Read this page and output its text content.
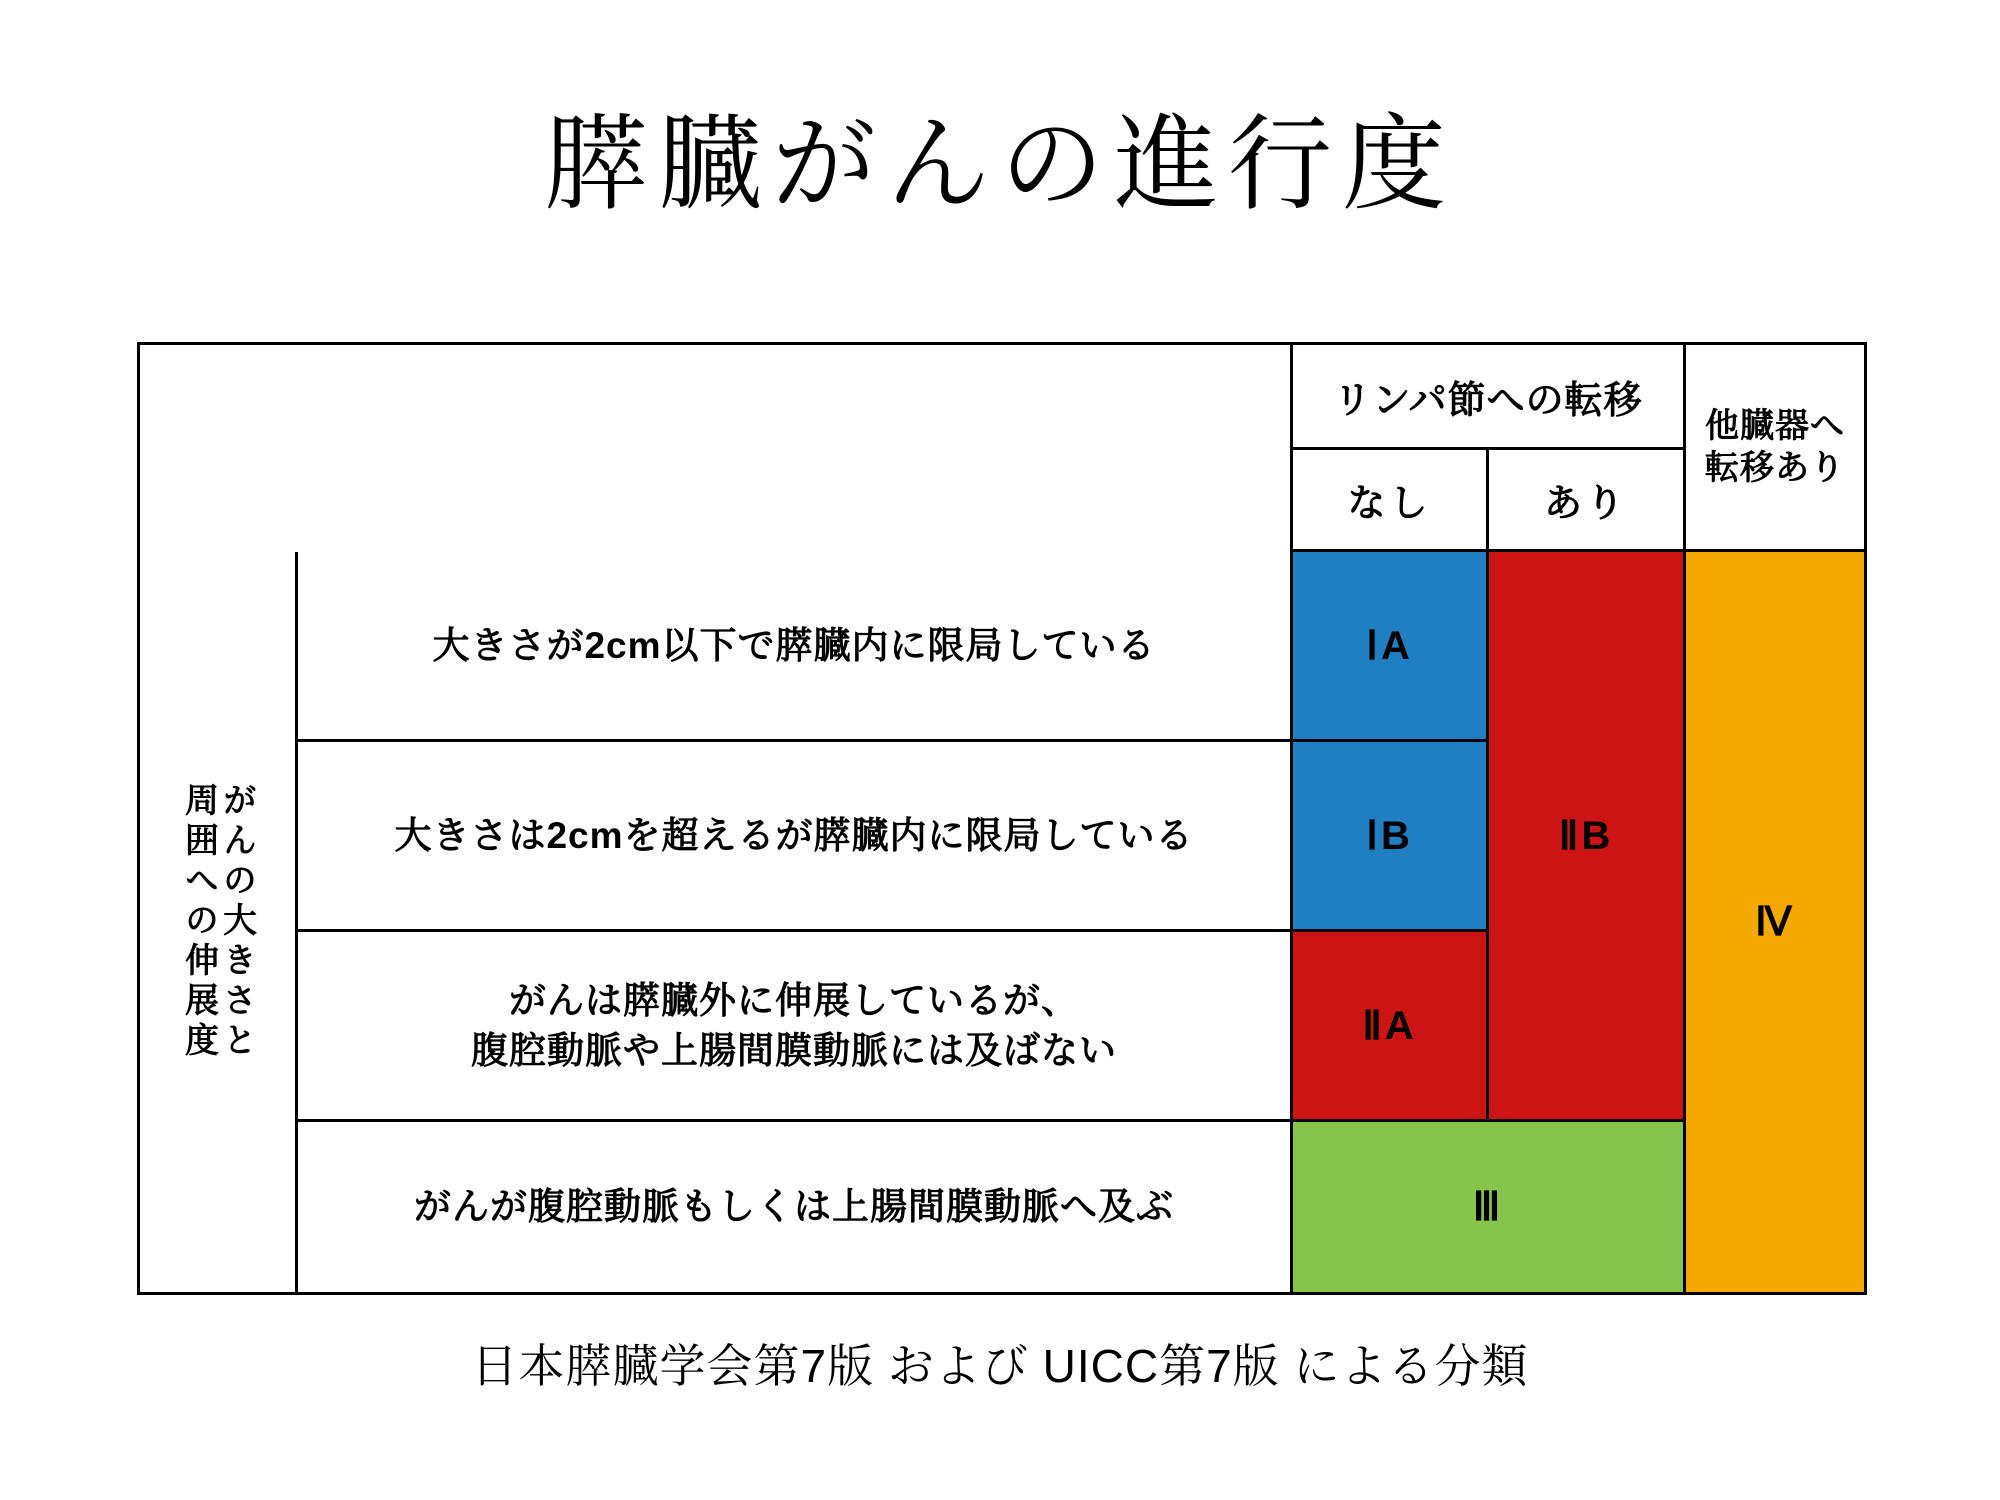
膵臓がんの進行度
リンパ節への転移
なし	あり
他臓器へ
転移あり
がんの大きさと
周囲への伸展度
大きさが2cm以下で膵臓内に限局している
大きさは2cmを超えるが膵臓内に限局している
がんは膵臓外に伸展しているが、
腹腔動脈や上腸間膜動脈には及ばない
がんが腹腔動脈もしくは上腸間膜動脈へ及ぶ
ⅠA
ⅠB
ⅡA
ⅡB
Ⅲ
Ⅳ
日本膵臓学会第7版 および UICC第7版 による分類
